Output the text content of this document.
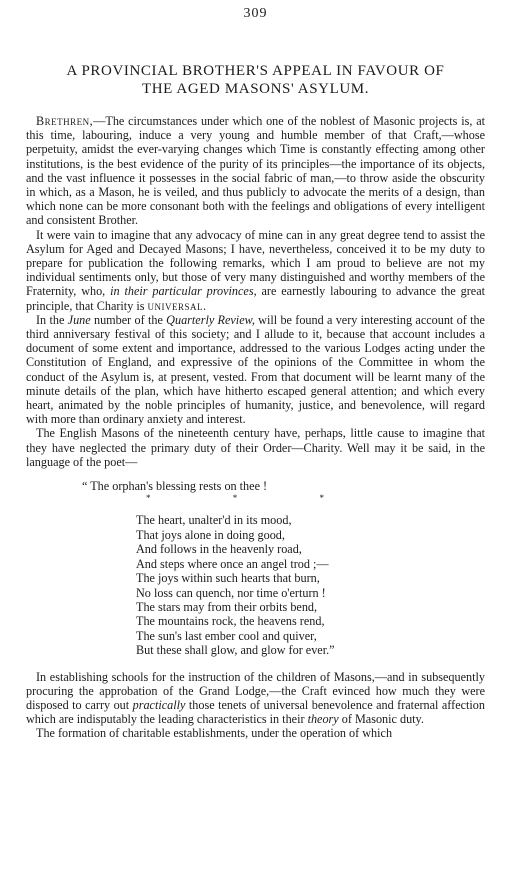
309
A PROVINCIAL BROTHER'S APPEAL IN FAVOUR OF
THE AGED MASONS' ASYLUM.

Brethren,—The circumstances under which one of the noblest of Masonic projects is, at this time, labouring, induce a very young and humble member of that Craft,—whose perpetuity, amidst the ever-varying changes which Time is constantly effecting among other institutions, is the best evidence of the purity of its principles—the importance of its objects, and the vast influence it possesses in the social fabric of man,—to throw aside the obscurity in which, as a Mason, he is veiled, and thus publicly to advocate the merits of a design, than which none can be more consonant both with the feelings and obligations of every intelligent and consistent Brother.

It were vain to imagine that any advocacy of mine can in any great degree tend to assist the Asylum for Aged and Decayed Masons; I have, nevertheless, conceived it to be my duty to prepare for publication the following remarks, which I am proud to believe are not my individual sentiments only, but those of very many distinguished and worthy members of the Fraternity, who, in their particular provinces, are earnestly labouring to advance the great principle, that Charity is universal.

In the June number of the Quarterly Review, will be found a very interesting account of the third anniversary festival of this society; and I allude to it, because that account includes a document of some extent and importance, addressed to the various Lodges acting under the Constitution of England, and expressive of the opinions of the Committee in whom the conduct of the Asylum is, at present, vested. From that document will be learnt many of the minute details of the plan, which have hitherto escaped general attention; and which every heart, animated by the noble principles of humanity, justice, and benevolence, will regard with more than ordinary anxiety and interest.

The English Masons of the nineteenth century have, perhaps, little cause to imagine that they have neglected the primary duty of their Order—Charity. Well may it be said, in the language of the poet—

“ The orphan's blessing rests on thee !
* * *
The heart, unalter'd in its mood,
That joys alone in doing good,
And follows in the heavenly road,
And steps where once an angel trod ;—
The joys within such hearts that burn,
No loss can quench, nor time o'erturn !
The stars may from their orbits bend,
The mountains rock, the heavens rend,
The sun's last ember cool and quiver,
But these shall glow, and glow for ever.”

In establishing schools for the instruction of the children of Masons,—and in subsequently procuring the approbation of the Grand Lodge,—the Craft evinced how much they were disposed to carry out practically those tenets of universal benevolence and fraternal affection which are indisputably the leading characteristics in their theory of Masonic duty.

The formation of charitable establishments, under the operation of which
